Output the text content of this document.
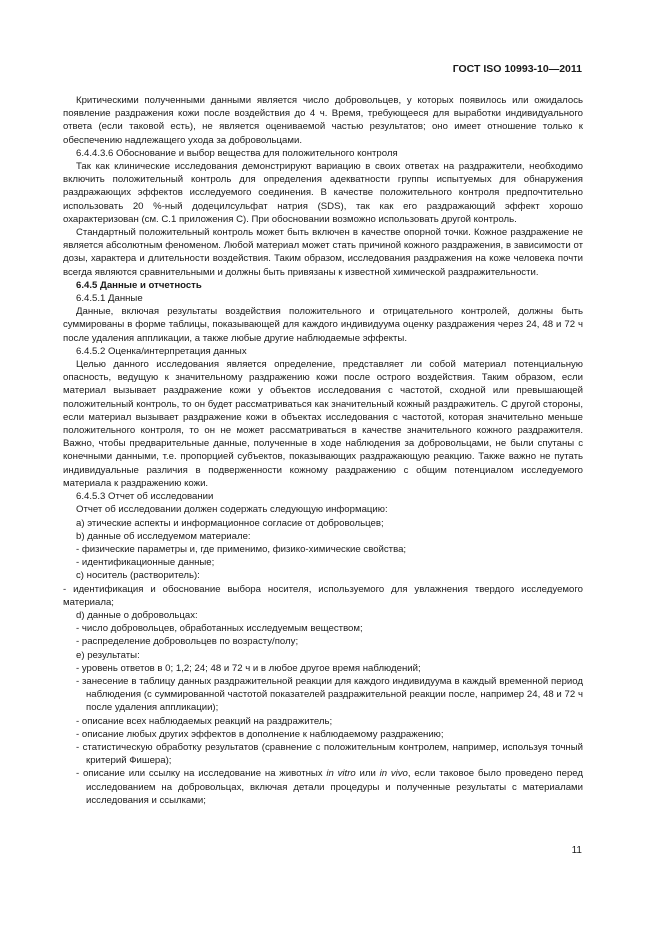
ГОСТ ISO 10993-10—2011

Критическими полученными данными является число добровольцев, у которых появилось или ожидалось появление раздражения кожи после воздействия до 4 ч. Время, требующееся для выработки индивидуального ответа (если таковой есть), не является оцениваемой частью результатов; оно имеет отношение только к обеспечению надлежащего ухода за добровольцами.

6.4.4.3.6 Обоснование и выбор вещества для положительного контроля

Так как клинические исследования демонстрируют вариацию в своих ответах на раздражители, необходимо включить положительный контроль для определения адекватности группы испытуемых для обнаружения раздражающих эффектов исследуемого соединения. В качестве положительного контроля предпочтительно использовать 20 %-ный додецилсульфат натрия (SDS), так как его раздражающий эффект хорошо охарактеризован (см. С.1 приложения С). При обосновании возможно использовать другой контроль.

Стандартный положительный контроль может быть включен в качестве опорной точки. Кожное раздражение не является абсолютным феноменом. Любой материал может стать причиной кожного раздражения, в зависимости от дозы, характера и длительности воздействия. Таким образом, исследования раздражения на коже человека почти всегда являются сравнительными и должны быть привязаны к известной химической раздражительности.

6.4.5 Данные и отчетность

6.4.5.1 Данные

Данные, включая результаты воздействия положительного и отрицательного контролей, должны быть суммированы в форме таблицы, показывающей для каждого индивидуума оценку раздражения через 24, 48 и 72 ч после удаления аппликации, а также любые другие наблюдаемые эффекты.

6.4.5.2 Оценка/интерпретация данных

Целью данного исследования является определение, представляет ли собой материал потенциальную опасность, ведущую к значительному раздражению кожи после острого воздействия. Таким образом, если материал вызывает раздражение кожи у объектов исследования с частотой, сходной или превышающей положительный контроль, то он будет рассматриваться как значительный кожный раздражитель. С другой стороны, если материал вызывает раздражение кожи в объектах исследования с частотой, которая значительно меньше положительного контроля, то он не может рассматриваться в качестве значительного кожного раздражителя. Важно, чтобы предварительные данные, полученные в ходе наблюдения за добровольцами, не были спутаны с конечными данными, т.е. пропорцией субъектов, показывающих раздражающую реакцию. Также важно не путать индивидуальные различия в подверженности кожному раздражению с общим потенциалом исследуемого материала к раздражению кожи.

6.4.5.3 Отчет об исследовании

Отчет об исследовании должен содержать следующую информацию:

а) этические аспекты и информационное согласие от добровольцев;

b) данные об исследуемом материале:

- физические параметры и, где применимо, физико-химические свойства;

- идентификационные данные;

с) носитель (растворитель):

- идентификация и обоснование выбора носителя, используемого для увлажнения твердого исследуемого материала;

d) данные о добровольцах:

- число добровольцев, обработанных исследуемым веществом;

- распределение добровольцев по возрасту/полу;

е) результаты:

- уровень ответов в 0; 1,2; 24; 48 и 72 ч и в любое другое время наблюдений;

- занесение в таблицу данных раздражительной реакции для каждого индивидуума в каждый временной период наблюдения (с суммированной частотой показателей раздражительной реакции после, например 24, 48 и 72 ч после удаления аппликации);

- описание всех наблюдаемых реакций на раздражитель;

- описание любых других эффектов в дополнение к наблюдаемому раздражению;

- статистическую обработку результатов (сравнение с положительным контролем, например, используя точный критерий Фишера);

- описание или ссылку на исследование на животных in vitro или in vivo, если таковое было проведено перед исследованием на добровольцах, включая детали процедуры и полученные результаты с материалами исследования и ссылками;

11
